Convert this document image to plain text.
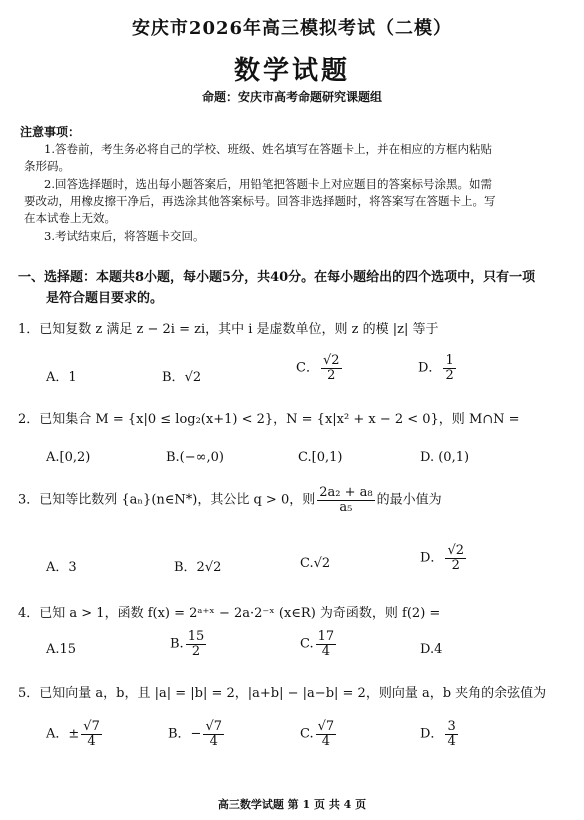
安庆市2026年高三模拟考试（二模）
数学试题
命题：安庆市高考命题研究课题组
注意事项：
1.答卷前，考生务必将自己的学校、班级、姓名填写在答题卡上，并在相应的方框内粘贴
条形码。
2.回答选择题时，选出每小题答案后，用铅笔把答题卡上对应题目的答案标号涂黑。如需
要改动，用橡皮擦干净后，再选涂其他答案标号。回答非选择题时，将答案写在答题卡上。写
在本试卷上无效。
3.考试结束后，将答题卡交回。
一、选择题：本题共8小题，每小题5分，共40分。在每小题给出的四个选项中，只有一项
是符合题目要求的。
1．已知复数 z 满足 z − 2i = zi，其中 i 是虚数单位，则 z 的模 |z| 等于
A．1	B．√2
C． $\frac{√2}{2}$	D． $\frac{1}{2}$
2．已知集合 M = {x|0 ≤ log₂(x+1) < 2}，N = {x|x² + x − 2 < 0}，则 M∩N =
A.[0,2)	B.(−∞,0)	C.[0,1)	D. (0,1)
3．已知等比数列 {aₙ}(n∈N*)，其公比 q > 0，则 $\frac{\text{2a₂ + a₈}}{\text{a₅}}$ 的最小值为
A．3	B．2√2	C.√2	D． $\frac{√2}{2}$
4．已知 a > 1，函数 f(x) = 2ᵃ⁺ˣ − 2a·2⁻ˣ (x∈R) 为奇函数，则 f(2) =
A.15	B. $\frac{15}{2}$	C. $\frac{17}{4}$	D.4
5．已知向量 a，b，且 |a| = |b| = 2，|a+b| − |a−b| = 2，则向量 a，b 夹角的余弦值为
A．± $\frac{√7}{4}$	B．− $\frac{√7}{4}$	C. $\frac{√7}{4}$	D． $\frac{3}{4}$
高三数学试题 第 1 页 共 4 页
